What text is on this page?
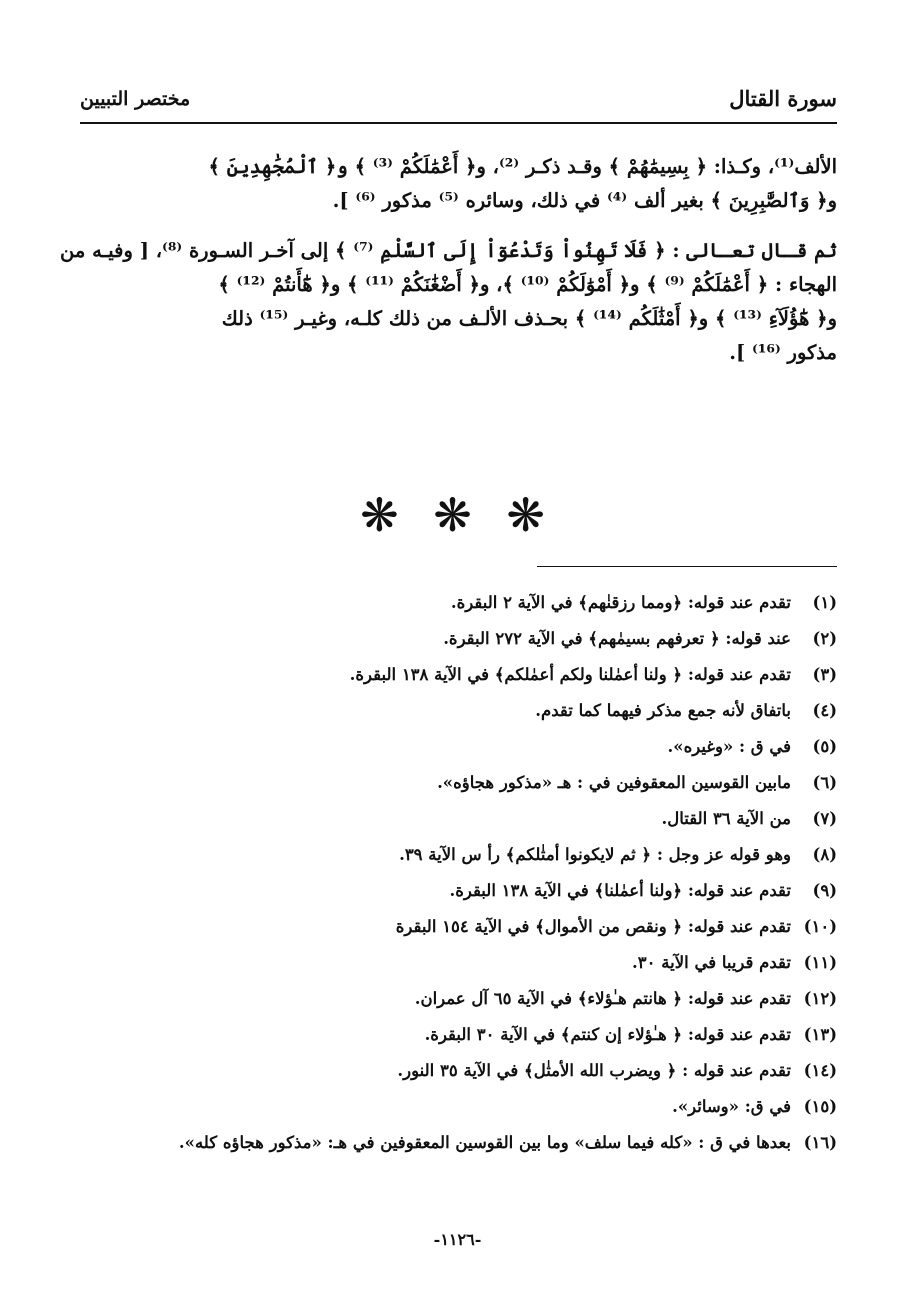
سورة القتال
مختصر التبيين

الألف⁽¹⁾، وكـذا: ﴿ بِسِيمَٰهُمْ ﴾ وقـد ذكـر ⁽²⁾، و﴿ أَعْمَٰلَكُمْ ⁽³⁾ ﴾ و﴿ ٱلْمُجَٰهِدِينَ ﴾
و﴿ وَٱلصَّٰبِرِينَ ﴾ بغير ألف ⁽⁴⁾ في ذلك، وسائره ⁽⁵⁾ مذكور ⁽⁶⁾ ].

ثم قـال تعـالى : ﴿ فَلَا تَهِنُواْ وَتَدْعُوٓاْ إِلَى ٱلسَّلْمِ ⁽⁷⁾ ﴾ إلى آخـر السـورة ⁽⁸⁾، [ وفيـه من
الهجاء : ﴿ أَعْمَٰلَكُمْ ⁽⁹⁾ ﴾ و﴿ أَمْوَٰلَكُمْ ⁽¹⁰⁾ ﴾، و﴿ أَضْغَٰنَكُمْ ⁽¹¹⁾ ﴾ و﴿ هَٰٓأَنتُمْ ⁽¹²⁾ ﴾
و﴿ هَٰٓؤُلَآءِ ⁽¹³⁾ ﴾ و﴿ أَمْثَٰلَكُم ⁽¹⁴⁾ ﴾ بحـذف الألـف من ذلك كلـه، وغيـر ⁽¹⁵⁾ ذلك
مذكور ⁽¹⁶⁾ ].

❋ ❋ ❋
(١)تقدم عند قوله: ﴿ومما رزقنٰهم﴾ في الآية ٢ البقرة.
(٢)عند قوله: ﴿ تعرفهم بسيمٰهم﴾ في الآية ٢٧٢ البقرة.
(٣)تقدم عند قوله: ﴿ ولنا أعمٰلنا ولكم أعمٰلكم﴾ في الآية ١٣٨ البقرة.
(٤)باتفاق لأنه جمع مذكر فيهما كما تقدم.
(٥)في ق : «وغيره».
(٦)مابين القوسين المعقوفين في : هـ «مذكور هجاؤه».
(٧)من الآية ٣٦ القتال.
(٨)وهو قوله عز وجل : ﴿ ثم لايكونوا أمثٰلكم﴾ رأ س الآية ٣٩.
(٩)تقدم عند قوله: ﴿ولنا أعمٰلنا﴾ في الآية ١٣٨ البقرة.
(١٠)تقدم عند قوله: ﴿ ونقص من الأموال﴾ في الآية ١٥٤ البقرة
(١١)تقدم قريبا في الآية ٣٠.
(١٢)تقدم عند قوله: ﴿ هانتم هـٰؤلاء﴾ في الآية ٦٥ آل عمران.
(١٣)تقدم عند قوله: ﴿ هـٰؤلاء إن كنتم﴾ في الآية ٣٠ البقرة.
(١٤)تقدم عند قوله : ﴿ ويضرب الله الأمثٰل﴾ في الآية ٣٥ النور.
(١٥)في ق: «وسائر».
(١٦)بعدها في ق : «كله فيما سلف» وما بين القوسين المعقوفين في هـ: «مذكور هجاؤه كله».
-١١٢٦-
